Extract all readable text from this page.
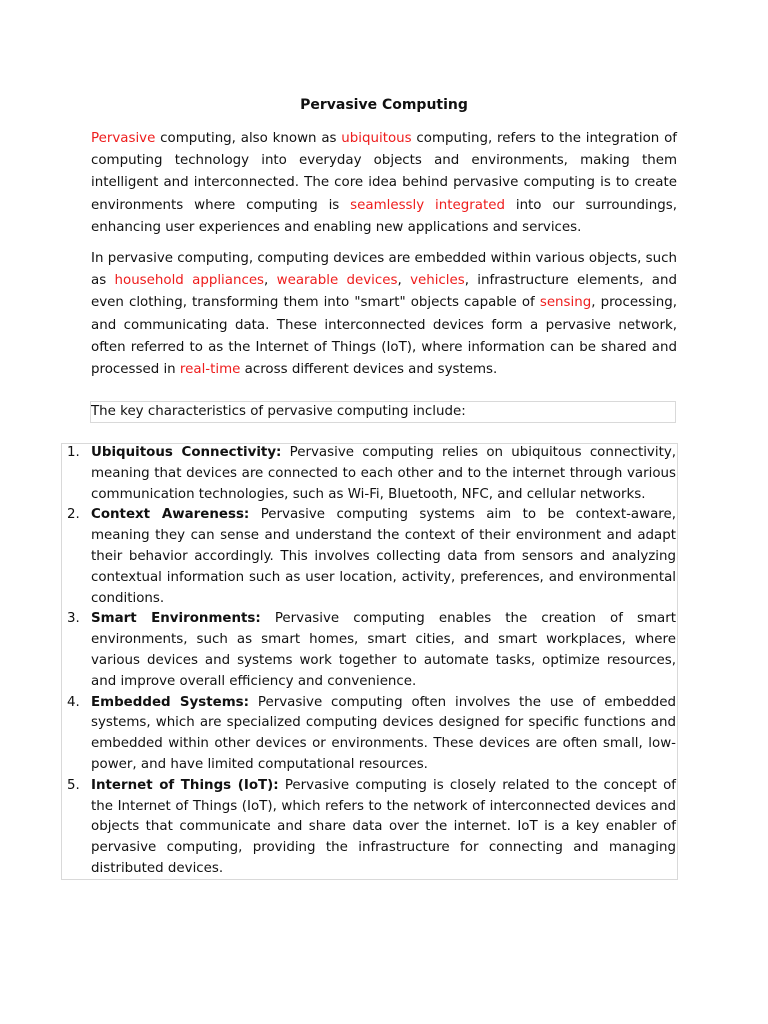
Pervasive Computing

Pervasive computing, also known as ubiquitous computing, refers to the integration of computing technology into everyday objects and environments, making them intelligent and interconnected. The core idea behind pervasive computing is to create environments where computing is seamlessly integrated into our surroundings, enhancing user experiences and enabling new applications and services.

In pervasive computing, computing devices are embedded within various objects, such as household appliances, wearable devices, vehicles, infrastructure elements, and even clothing, transforming them into "smart" objects capable of sensing, processing, and communicating data. These interconnected devices form a pervasive network, often referred to as the Internet of Things (IoT), where information can be shared and processed in real-time across different devices and systems.

The key characteristics of pervasive computing include:

1. Ubiquitous Connectivity: Pervasive computing relies on ubiquitous connectivity, meaning that devices are connected to each other and to the internet through various communication technologies, such as Wi-Fi, Bluetooth, NFC, and cellular networks.
2. Context Awareness: Pervasive computing systems aim to be context-aware, meaning they can sense and understand the context of their environment and adapt their behavior accordingly. This involves collecting data from sensors and analyzing contextual information such as user location, activity, preferences, and environmental conditions.
3. Smart Environments: Pervasive computing enables the creation of smart environments, such as smart homes, smart cities, and smart workplaces, where various devices and systems work together to automate tasks, optimize resources, and improve overall efficiency and convenience.
4. Embedded Systems: Pervasive computing often involves the use of embedded systems, which are specialized computing devices designed for specific functions and embedded within other devices or environments. These devices are often small, low-power, and have limited computational resources.
5. Internet of Things (IoT): Pervasive computing is closely related to the concept of the Internet of Things (IoT), which refers to the network of interconnected devices and objects that communicate and share data over the internet. IoT is a key enabler of pervasive computing, providing the infrastructure for connecting and managing distributed devices.
